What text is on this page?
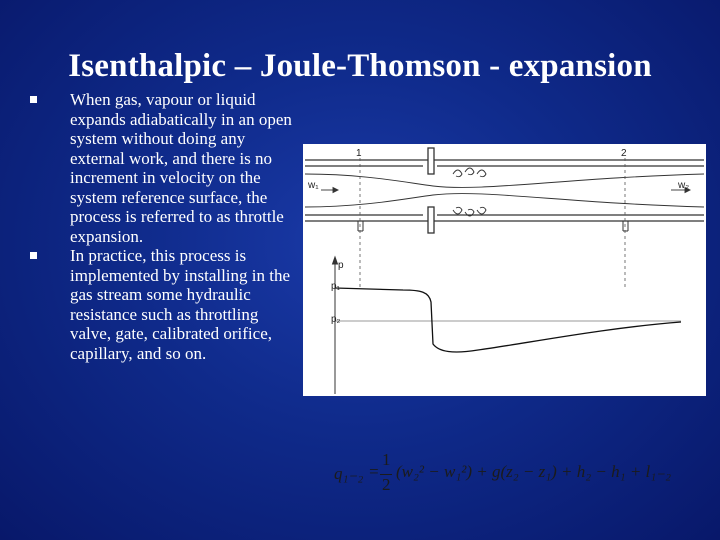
Isenthalpic – Joule-Thomson - expansion
When gas, vapour or liquid expands adiabatically in an open system without doing any external work, and there is no increment in velocity on the system reference surface, the process is referred to as throttle expansion.
In practice, this process is implemented by installing in the gas stream some hydraulic resistance such as throttling valve, gate, calibrated orifice, capillary, and so on.
1	2
w₁	w₂
p
p₁
p₂
q₁₋₂ =
1
2
(w₂² − w₁²) + g(z₂ − z₁) + h₂ − h₁ + l₁₋₂
